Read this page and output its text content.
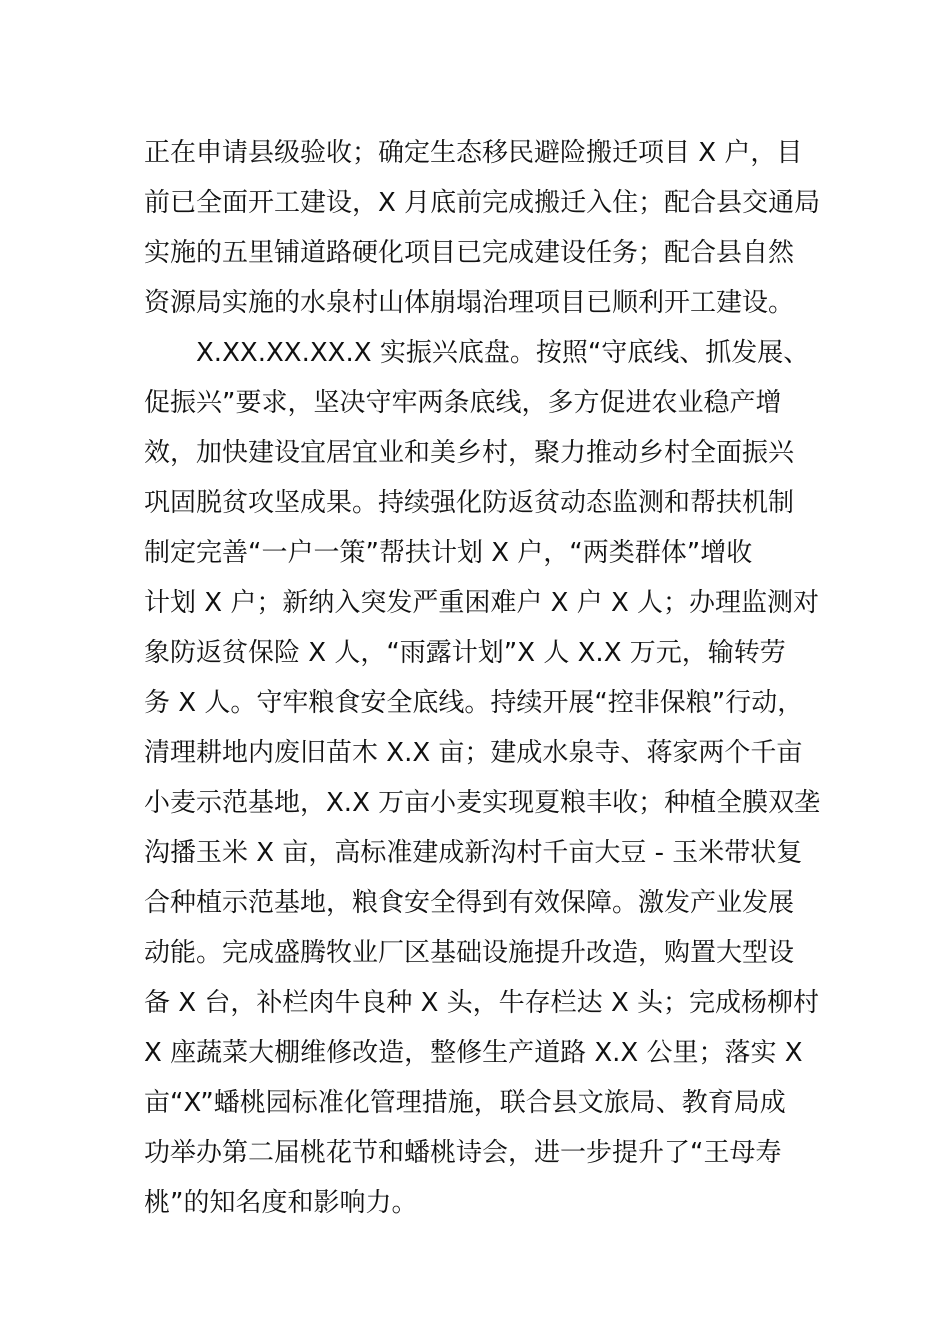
正在申请县级验收；确定生态移民避险搬迁项目 X 户，目
前已全面开工建设，X 月底前完成搬迁入住；配合县交通局
实施的五里铺道路硬化项目已完成建设任务；配合县自然
资源局实施的水泉村山体崩塌治理项目已顺利开工建设。
X.XX.XX.XX.X 实振兴底盘。按照“守底线、抓发展、
促振兴”要求，坚决守牢两条底线，多方促进农业稳产增
效，加快建设宜居宜业和美乡村，聚力推动乡村全面振兴
巩固脱贫攻坚成果。持续强化防返贫动态监测和帮扶机制
制定完善“一户一策”帮扶计划 X 户，“两类群体”增收
计划 X 户；新纳入突发严重困难户 X 户 X 人；办理监测对
象防返贫保险 X 人，“雨露计划”X 人 X.X 万元，输转劳
务 X 人。守牢粮食安全底线。持续开展“控非保粮”行动，
清理耕地内废旧苗木 X.X 亩；建成水泉寺、蒋家两个千亩
小麦示范基地，X.X 万亩小麦实现夏粮丰收；种植全膜双垄
沟播玉米 X 亩，高标准建成新沟村千亩大豆 - 玉米带状复
合种植示范基地，粮食安全得到有效保障。激发产业发展
动能。完成盛腾牧业厂区基础设施提升改造，购置大型设
备 X 台，补栏肉牛良种 X 头，牛存栏达 X 头；完成杨柳村
X 座蔬菜大棚维修改造，整修生产道路 X.X 公里；落实 X
亩“X”蟠桃园标准化管理措施，联合县文旅局、教育局成
功举办第二届桃花节和蟠桃诗会，进一步提升了“王母寿
桃”的知名度和影响力。
